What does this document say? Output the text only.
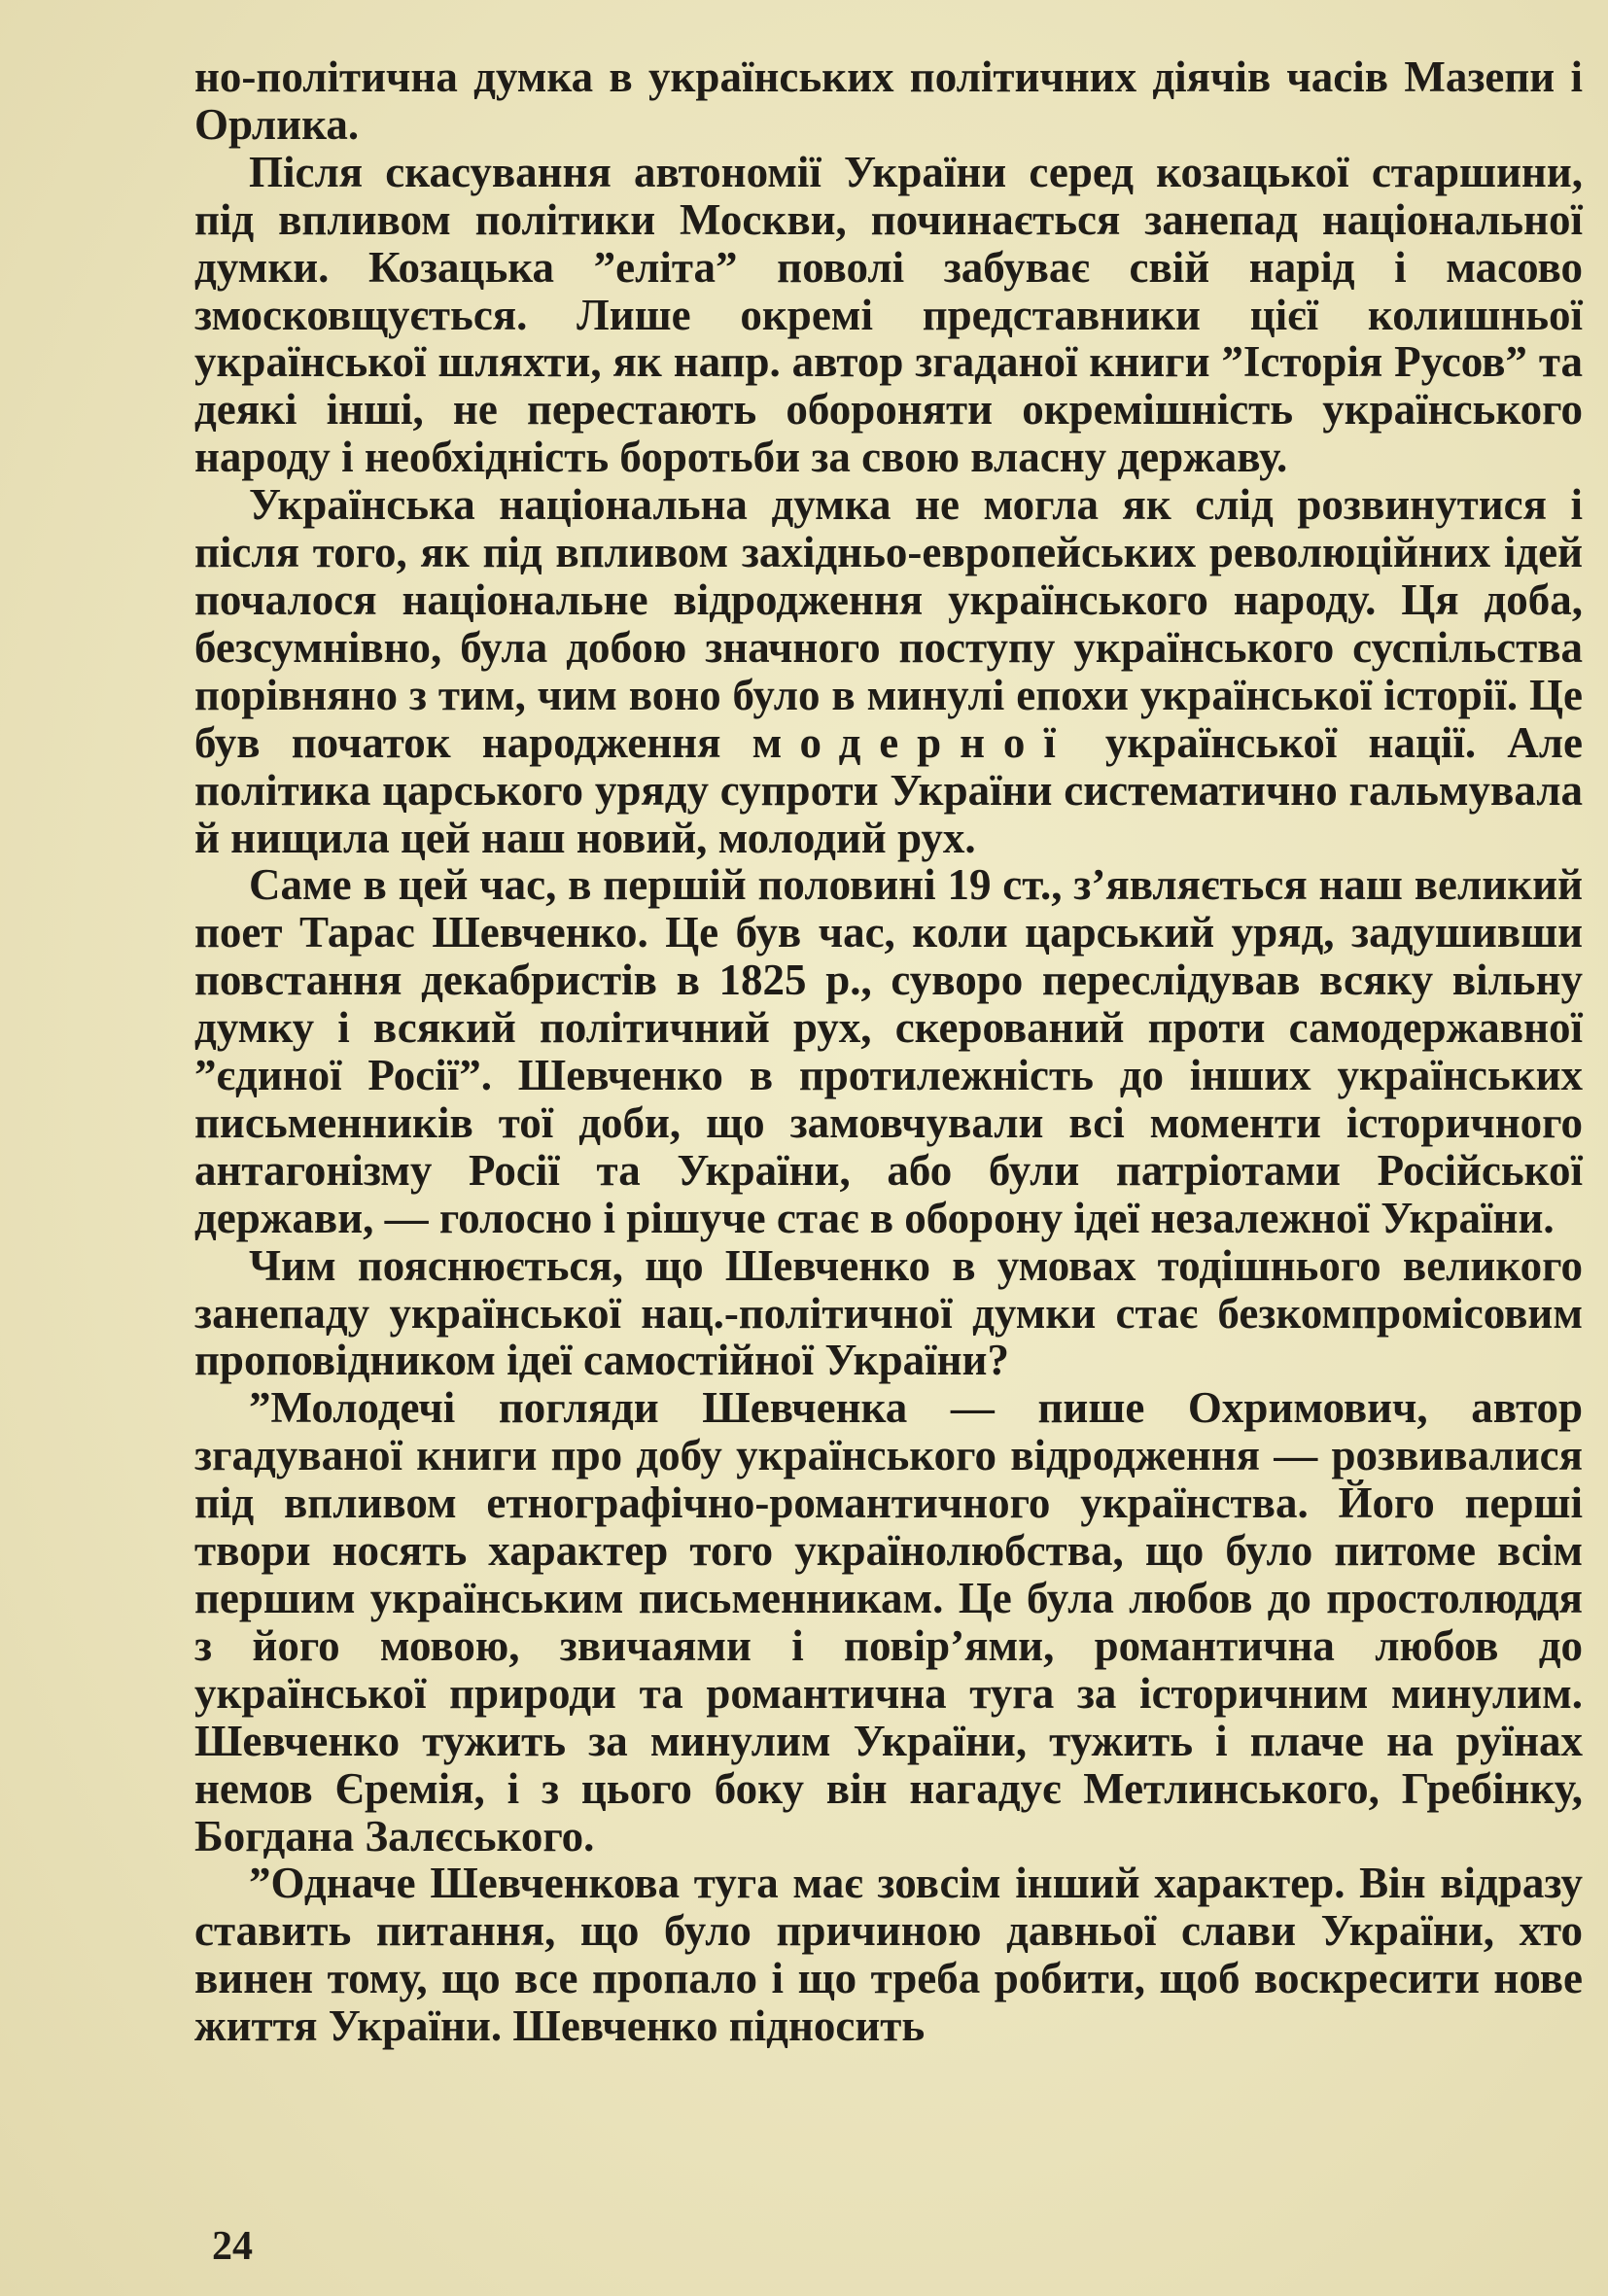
но-політична думка в українських політичних діячів часів Мазепи і Орлика.

Після скасування автономії України серед козацької старшини, під впливом політики Москви, починається занепад національної думки. Козацька ”еліта” поволі забуває свій нарід і масово змосковщується. Лише окремі представники цієї колишньої української шляхти, як напр. автор згаданої книги ”Історія Русов” та деякі інші, не перестають обороняти окремішність українського народу і необхідність боротьби за свою власну державу.

Українська національна думка не могла як слід розвинутися і після того, як під впливом західньо-европейських революційних ідей почалося національне відродження українського народу. Ця доба, безсумнівно, була добою значного поступу українського суспільства порівняно з тим, чим воно було в минулі епохи української історії. Це був початок народження модерної української нації. Але політика царського уряду супроти України систематично гальмувала й нищила цей наш новий, молодий рух.

Саме в цей час, в першій половині 19 ст., з’являється наш великий поет Тарас Шевченко. Це був час, коли царський уряд, задушивши повстання декабристів в 1825 р., суворо переслідував всяку вільну думку і всякий політичний рух, скерований проти самодержавної ”єдиної Росії”. Шевченко в протилежність до інших українських письменників тої доби, що замовчували всі моменти історичного антагонізму Росії та України, або були патріотами Російської держави, — голосно і рішуче стає в оборону ідеї незалежної України.

Чим пояснюється, що Шевченко в умовах тодішнього великого занепаду української нац.-політичної думки стає безкомпромісовим проповідником ідеї самостійної України?

”Молодечі погляди Шевченка — пише Охримович, автор згадуваної книги про добу українського відродження — розвивалися під впливом етнографічно-романтичного українства. Його перші твори носять характер того українолюбства, що було питоме всім першим українським письменникам. Це була любов до простолюддя з його мовою, звичаями і повір’ями, романтична любов до української природи та романтична туга за історичним минулим. Шевченко тужить за минулим України, тужить і плаче на руїнах немов Єремія, і з цього боку він нагадує Метлинського, Гребінку, Богдана Залєського.

”Одначе Шевченкова туга має зовсім інший характер. Він відразу ставить питання, що було причиною давньої слави України, хто винен тому, що все пропало і що треба робити, щоб воскресити нове життя України. Шевченко підносить

24
